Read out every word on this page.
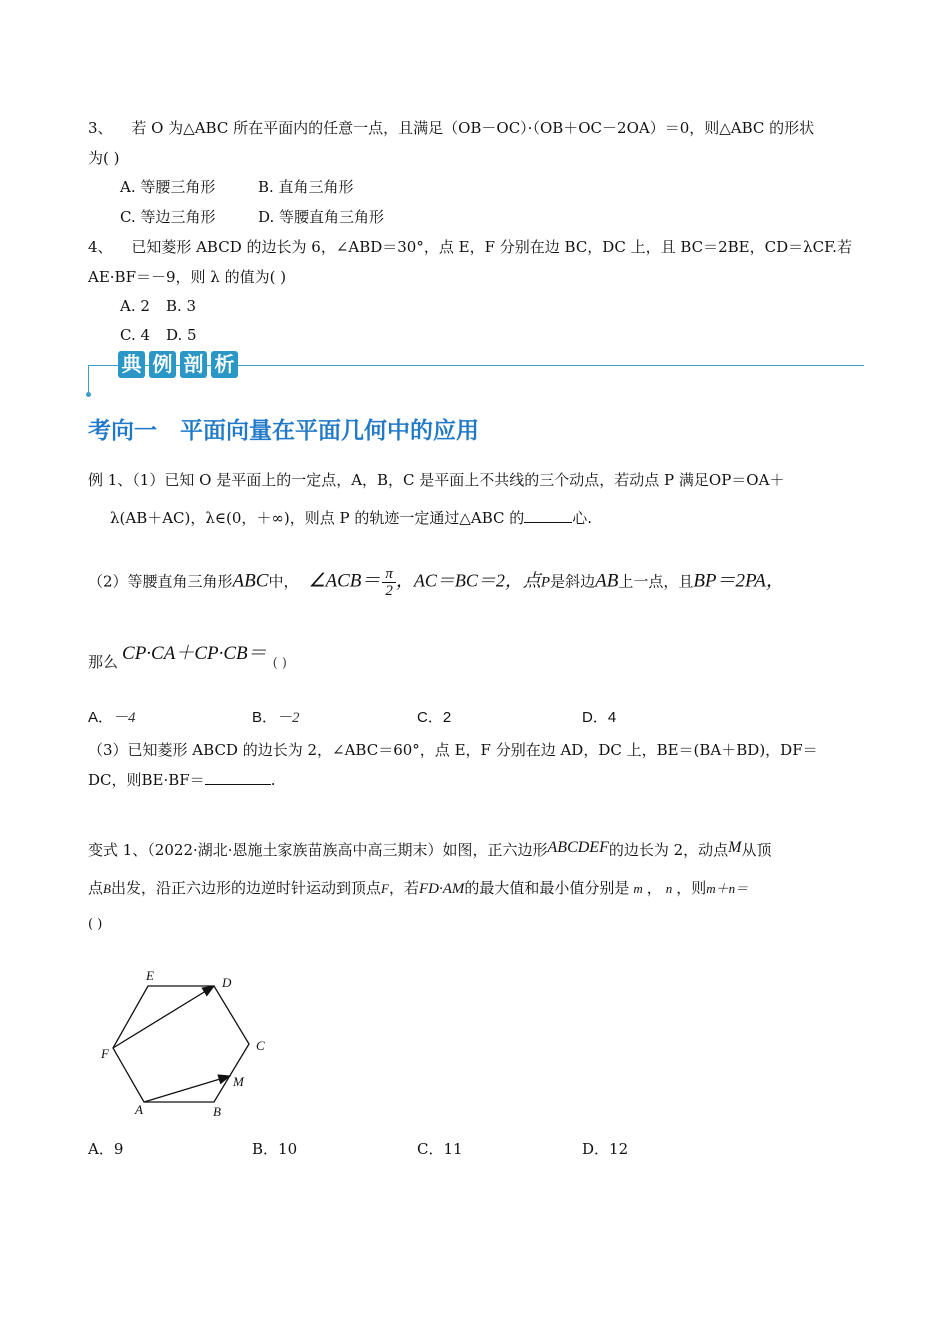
3、 若 O 为△ABC 所在平面内的任意一点，且满足（OB－OC）·（OB＋OC－2OA）＝0，则△ABC 的形状
为( )
A. 等腰三角形	B. 直角三角形
C. 等边三角形	D. 等腰直角三角形
4、 已知菱形 ABCD 的边长为 6，∠ABD＝30°，点 E，F 分别在边 BC，DC 上，且 BC＝2BE，CD＝λCF.若
AE·BF＝－9，则 λ 的值为( )
A. 2 B. 3
C. 4 D. 5
典 例 剖 析
考向一　平面向量在平面几何中的应用
例 1、（1）已知 O 是平面上的一定点，A，B，C 是平面上不共线的三个动点，若动点 P 满足OP＝OA＋
λ(AB＋AC)，λ∈(0，＋∞)，则点 P 的轨迹一定通过△ABC 的	心.
（2）等腰直角三角形ABC中， ∠ACB＝ $\frac{\pi}{2}$ ，AC＝BC＝2，点P是斜边AB上一点，且BP＝2PA，
那么 CP·CA＋CP·CB＝ ( )
A．－4	B．－2	C．2	D．4
（3）已知菱形 ABCD 的边长为 2，∠ABC＝60°，点 E，F 分别在边 AD，DC 上，BE＝(BA＋BD)，DF＝
DC，则BE·BF＝	.
变式 1、（2022·湖北·恩施土家族苗族高中高三期末）如图，正六边形ABCDEF的边长为 2，动点M从顶
点B出发，沿正六边形的边逆时针运动到顶点F，若FD·AM的最大值和最小值分别是 m ， n ，则m＋n＝
( )
A	B
C
D
E
F
M
A．9	B．10	C．11	D．12
